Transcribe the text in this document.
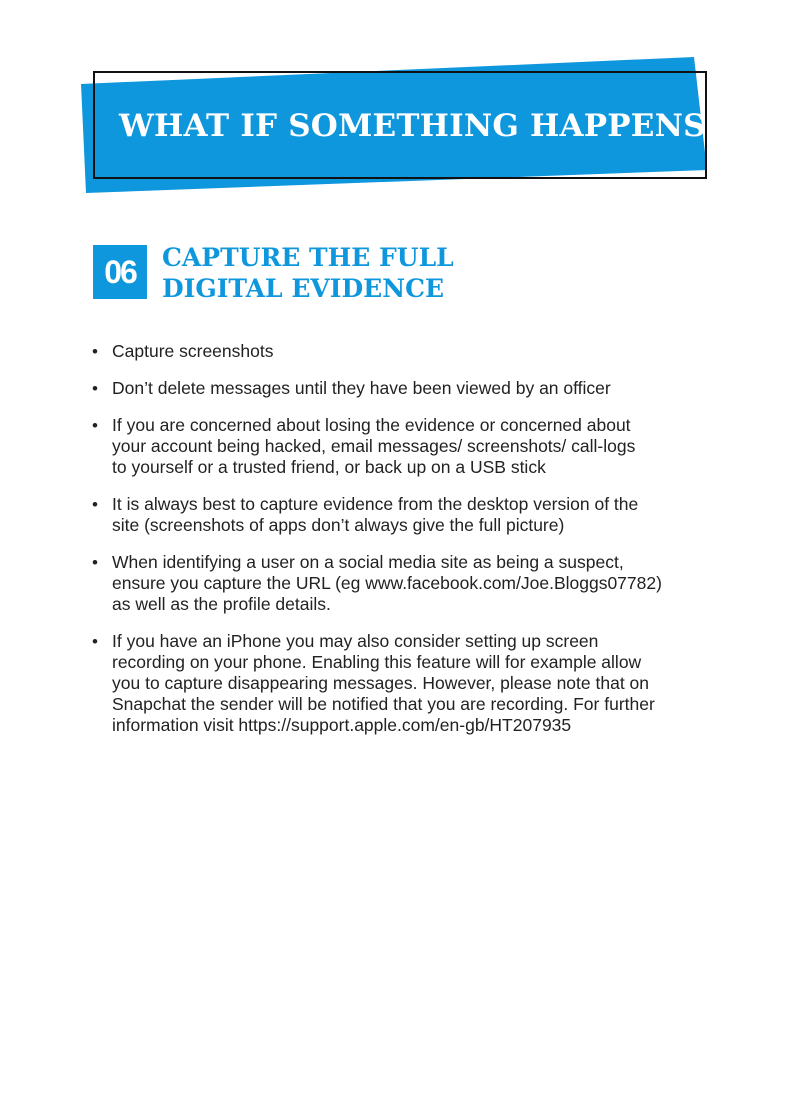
WHAT IF SOMETHING HAPPENS?
06	CAPTURE THE FULL
DIGITAL EVIDENCE
• Capture screenshots
• Don’t delete messages until they have been viewed by an officer
• If you are concerned about losing the evidence or concerned about
your account being hacked, email messages/ screenshots/ call-logs
to yourself or a trusted friend, or back up on a USB stick
• It is always best to capture evidence from the desktop version of the
site (screenshots of apps don’t always give the full picture)
• When identifying a user on a social media site as being a suspect,
ensure you capture the URL (eg www.facebook.com/Joe.Bloggs07782)
as well as the profile details.
• If you have an iPhone you may also consider setting up screen
recording on your phone. Enabling this feature will for example allow
you to capture disappearing messages. However, please note that on
Snapchat the sender will be notified that you are recording. For further
information visit https://support.apple.com/en-gb/HT207935
